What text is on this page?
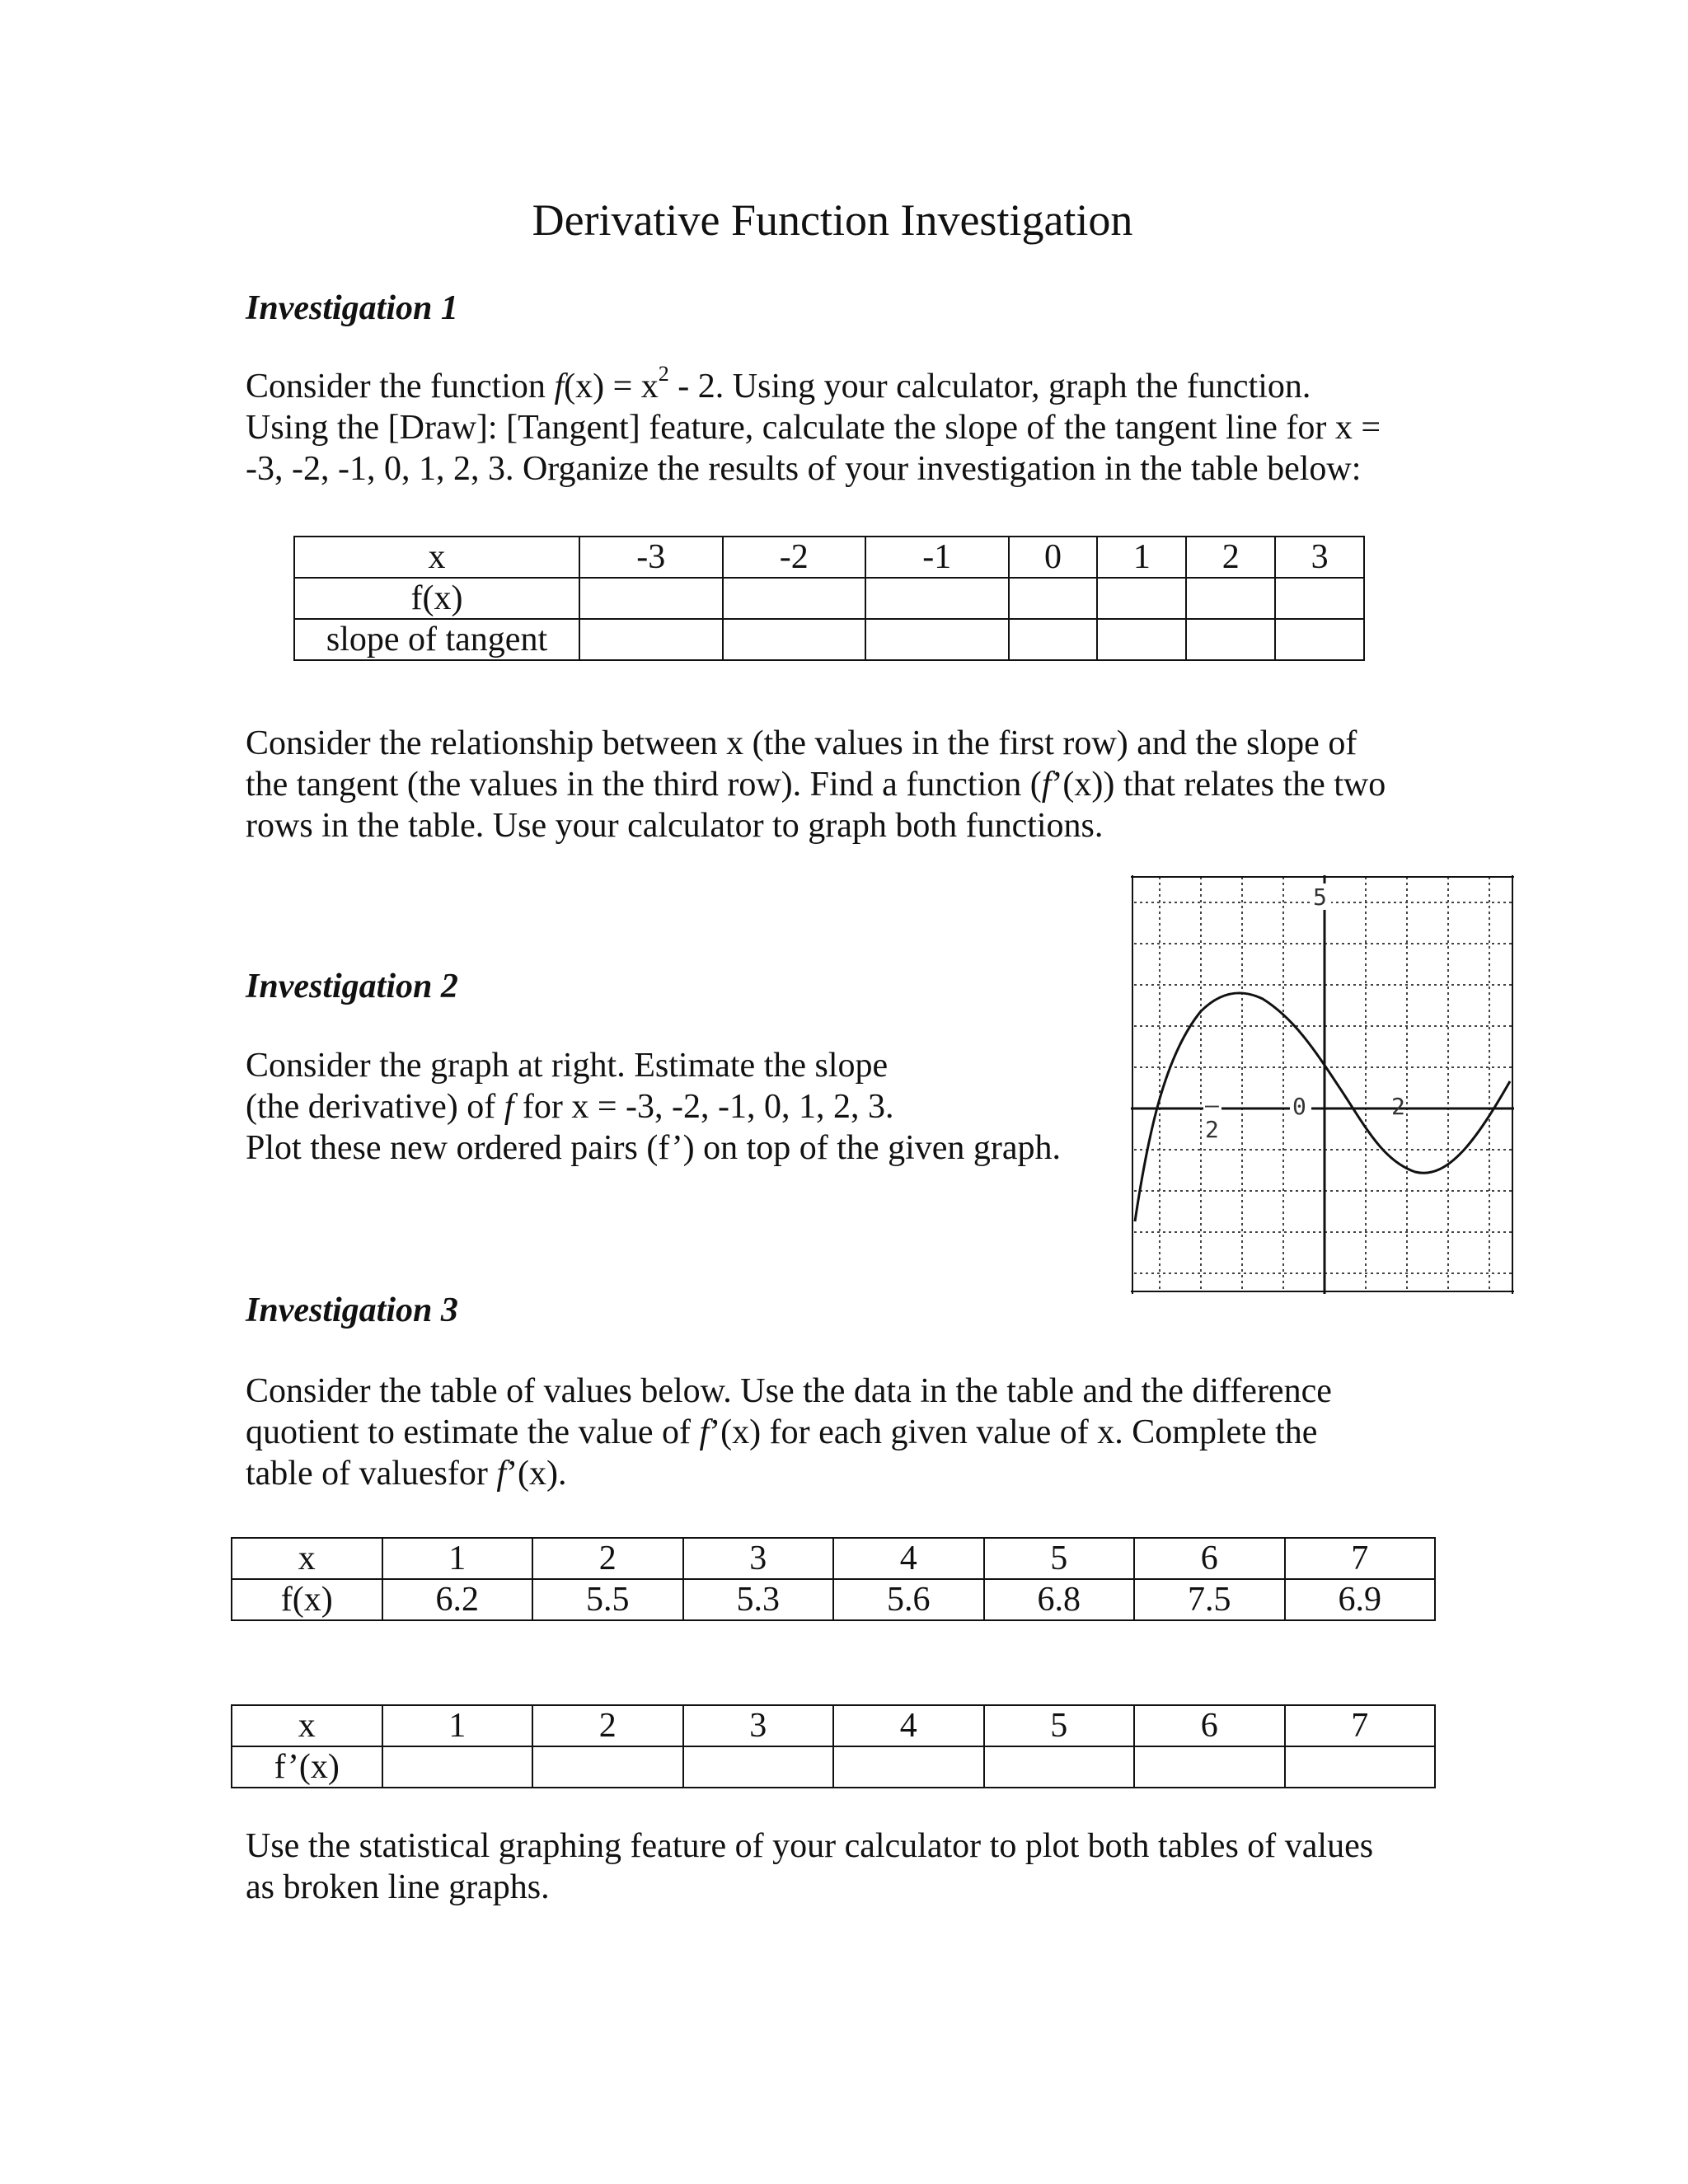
Derivative Function Investigation
Investigation 1

Consider the function $f(x) = x^2 - 2$. Using your calculator, graph the function.

Using the [Draw]: [Tangent] feature, calculate the slope of the tangent line for x =

-3, -2, -1, 0, 1, 2, 3. Organize the results of your investigation in the table below:

x	-3	-2	-1	0	1	2	3
f(x)							
slope of tangent							

Consider the relationship between x (the values in the first row) and the slope of

the tangent (the values in the third row). Find a function (f’(x)) that relates the two

rows in the table. Use your calculator to graph both functions.

Investigation 2

Consider the graph at right. Estimate the slope

(the derivative) of f for x = -3, -2, -1, 0, 1, 2, 3.

Plot these new ordered pairs (f’) on top of the given graph.

5
–
2
0	2
Investigation 3

Consider the table of values below. Use the data in the table and the difference

quotient to estimate the value of f’(x) for each given value of x. Complete the

table of valuesfor f’(x).

x	1	2	3	4	5	6	7
f(x)	6.2	5.5	5.3	5.6	6.8	7.5	6.9
x	1	2	3	4	5	6	7
f’(x)							

Use the statistical graphing feature of your calculator to plot both tables of values

as broken line graphs.
